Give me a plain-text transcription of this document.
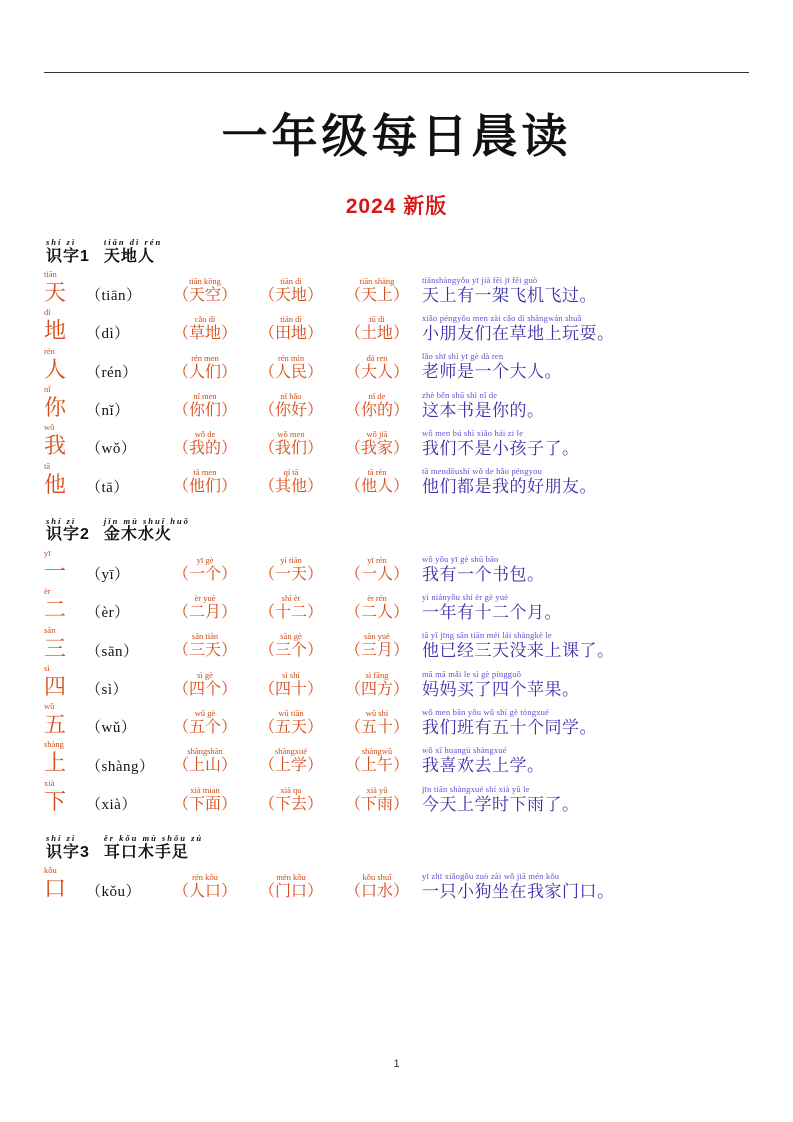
一年级每日晨读
2024 新版
shí zì
识字1
tiān dì rén
天地人
tiān
天	（tiān）

tiān kōng	tiān dì	tiān shàng
（天空）	（天地）	（天上）

tiānshàngyǒu yī jià fēi jī fēi guò
天上有一架飞机飞过。

dì
地	（dì）

cǎo dì	tián dì	tǔ dì
（草地）	（田地）	（土地）

xiǎo péngyǒu men zài cǎo dì shàngwán shuǎ
小朋友们在草地上玩耍。

rén
人	（rén）

rén men	rén mín	dà ren
（人们）	（人民）	（大人）

lǎo shī shì yī gè dà ren
老师是一个大人。

nǐ
你	（nǐ）

nǐ men	nǐ hǎo	nǐ de
（你们）	（你好）	（你的）

zhè běn shū shì nǐ de
这本书是你的。

wǒ
我	（wǒ）

wǒ de	wǒ men	wǒ jiā
（我的）	（我们）	（我家）

wǒ men bú shì xiǎo hái zi le
我们不是小孩子了。

tā
他	（tā）

tā men	qí tā	tā rén
（他们）	（其他）	（他人）

tā mendōushì wǒ de hǎo péngyou
他们都是我的好朋友。
shí zì
识字2
jīn mù shuǐ huǒ
金木水火
yī
一	（yī）

yī gè	yì tiān	yī rén
（一个）	（一天）	（一人）

wǒ yǒu yī gè shū bāo
我有一个书包。

èr
二	（èr）

èr yuè	shí èr	èr rén
（二月）	（十二）	（二人）

yì niányǒu shí èr gè yuè
一年有十二个月。

sān
三	（sān）

sān tiān	sān gè	sān yuè
（三天）	（三个）	（三月）

tā yǐ jīng sān tiān méi lái shàngkè le
他已经三天没来上课了。

sì
四	（sì）

sì gè	sì shí	sì fāng
（四个）	（四十）	（四方）

mā mā mǎi le sì gè píngguǒ
妈妈买了四个苹果。

wǔ
五	（wǔ）

wǔ gè	wǔ tiān	wǔ shí
（五个）	（五天）	（五十）

wǒ men bān yǒu wǔ shí gè tóngxué
我们班有五十个同学。

shàng
上	（shàng）

shàngshān	shàngxué	shàngwǔ
（上山）	（上学）	（上午）

wǒ xǐ huangù shàngxué
我喜欢去上学。

xià
下	（xià）

xià mian	xià qu	xià yǔ
（下面）	（下去）	（下雨）

jīn tiān shàngxué shí xià yǔ le
今天上学时下雨了。
shí zì
识字3
ěr kǒu mù shǒu zú
耳口木手足
kǒu
口	（kǒu）

rén kǒu	mén kǒu	kǒu shuǐ
（人口）	（门口）	（口水）

yī zhī xiǎogǒu zuò zài wǒ jiā mén kǒu
一只小狗坐在我家门口。
1
